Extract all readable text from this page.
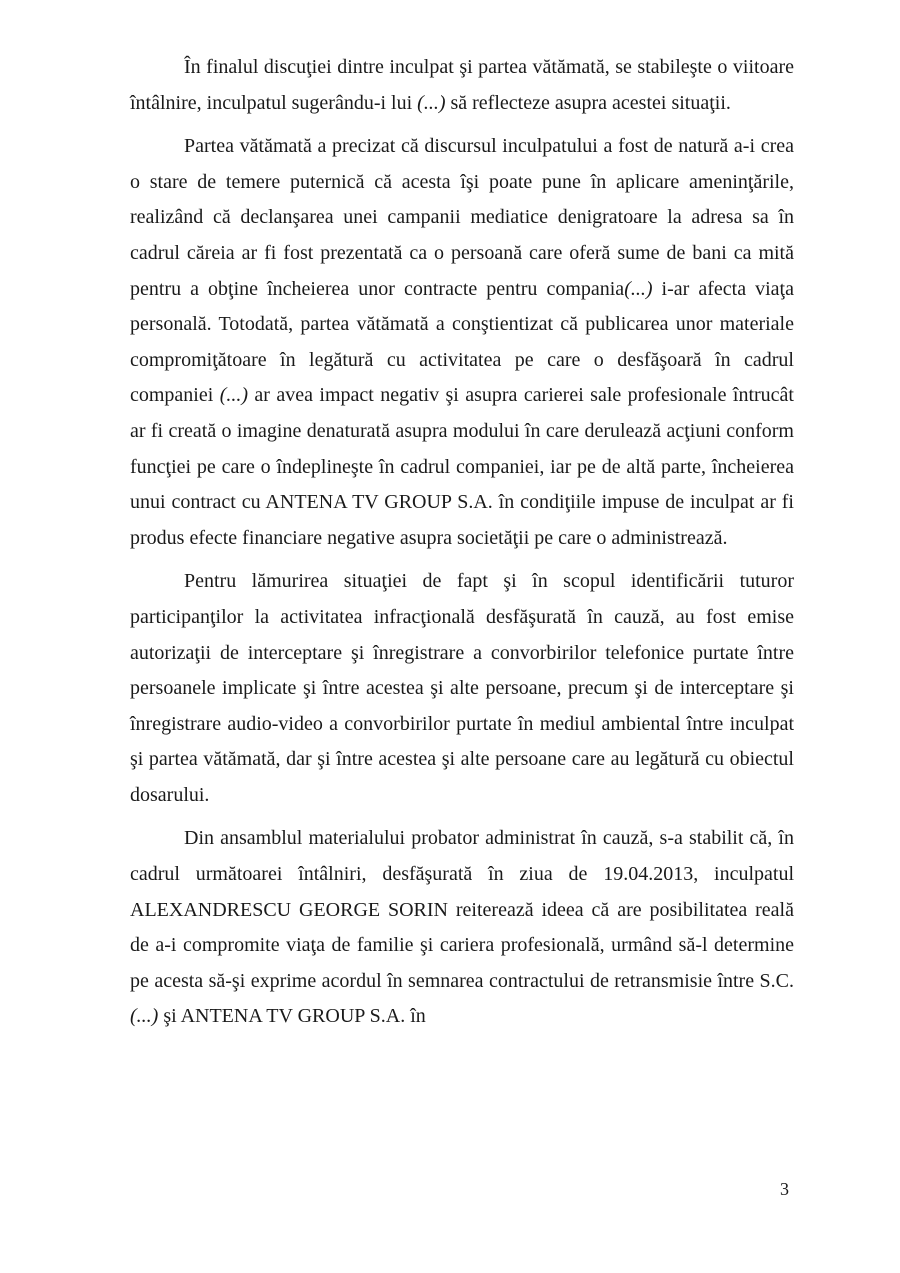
În finalul discuţiei dintre inculpat şi partea vătămată, se stabileşte o viitoare întâlnire, inculpatul sugerându-i lui (...) să reflecteze asupra acestei situaţii.

Partea vătămată a precizat că discursul inculpatului a fost de natură a-i crea o stare de temere puternică că acesta îşi poate pune în aplicare ameninţările, realizând că declanşarea unei campanii mediatice denigratoare la adresa sa în cadrul căreia ar fi fost prezentată ca o persoană care oferă sume de bani ca mită pentru a obţine încheierea unor contracte pentru compania(...) i-ar afecta viaţa personală. Totodată, partea vătămată a conştientizat că publicarea unor materiale compromiţătoare în legătură cu activitatea pe care o desfăşoară în cadrul companiei (...) ar avea impact negativ şi asupra carierei sale profesionale întrucât ar fi creată o imagine denaturată asupra modului în care derulează acţiuni conform funcţiei pe care o îndeplineşte în cadrul companiei, iar pe de altă parte, încheierea unui contract cu ANTENA TV GROUP S.A. în condiţiile impuse de inculpat ar fi produs efecte financiare negative asupra societăţii pe care o administrează.

Pentru lămurirea situaţiei de fapt şi în scopul identificării tuturor participanţilor la activitatea infracţională desfăşurată în cauză, au fost emise autorizaţii de interceptare şi înregistrare a convorbirilor telefonice purtate între persoanele implicate şi între acestea şi alte persoane, precum şi de interceptare şi înregistrare audio-video a convorbirilor purtate în mediul ambiental între inculpat şi partea vătămată, dar şi între acestea şi alte persoane care au legătură cu obiectul dosarului.

Din ansamblul materialului probator administrat în cauză, s-a stabilit că, în cadrul următoarei întâlniri, desfăşurată în ziua de 19.04.2013, inculpatul ALEXANDRESCU GEORGE SORIN reiterează ideea că are posibilitatea reală de a-i compromite viaţa de familie şi cariera profesională, urmând să-l determine pe acesta să-şi exprime acordul în semnarea contractului de retransmisie între S.C. (...) şi ANTENA TV GROUP S.A. în

3
